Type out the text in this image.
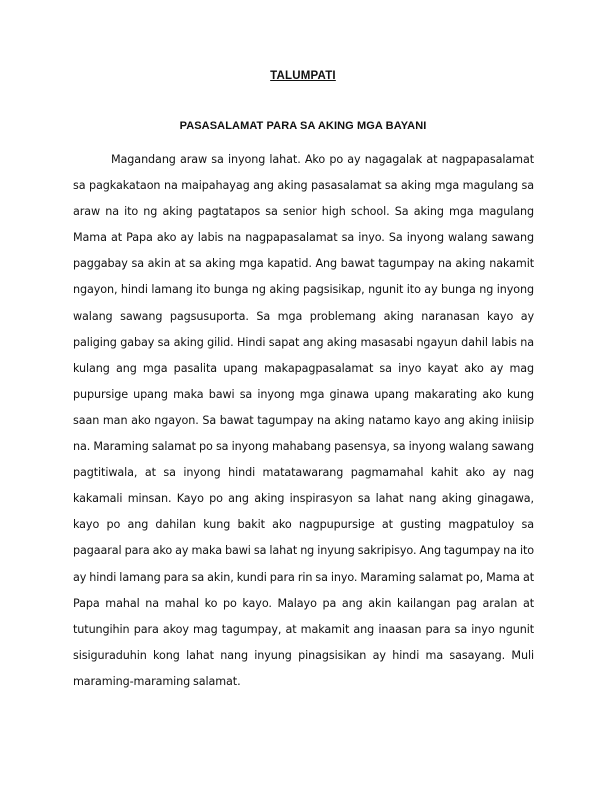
TALUMPATI
PASASALAMAT PARA SA AKING MGA BAYANI

Magandang araw sa inyong lahat. Ako po ay nagagalak at nagpapasalamat sa pagkakataon na maipahayag ang aking pasasalamat sa aking mga magulang sa araw na ito ng aking pagtatapos sa senior high school. Sa aking mga magulang Mama at Papa ako ay labis na nagpapasalamat sa inyo. Sa inyong walang sawang paggabay sa akin at sa aking mga kapatid. Ang bawat tagumpay na aking nakamit ngayon, hindi lamang ito bunga ng aking pagsisikap, ngunit ito ay bunga ng inyong walang sawang pagsusuporta. Sa mga problemang aking naranasan kayo ay paliging gabay sa aking gilid. Hindi sapat ang aking masasabi ngayun dahil labis na kulang ang mga pasalita upang makapagpasalamat sa inyo kayat ako ay mag pupursige upang maka bawi sa inyong mga ginawa upang makarating ako kung saan man ako ngayon. Sa bawat tagumpay na aking natamo kayo ang aking iniisip na. Maraming salamat po sa inyong mahabang pasensya, sa inyong walang sawang pagtitiwala, at sa inyong hindi matatawarang pagmamahal kahit ako ay nag kakamali minsan. Kayo po ang aking inspirasyon sa lahat nang aking ginagawa, kayo po ang dahilan kung bakit ako nagpupursige at gusting magpatuloy sa pagaaral para ako ay maka bawi sa lahat ng inyung sakripisyo. Ang tagumpay na ito ay hindi lamang para sa akin, kundi para rin sa inyo. Maraming salamat po, Mama at Papa mahal na mahal ko po kayo. Malayo pa ang akin kailangan pag aralan at tutungihin para akoy mag tagumpay, at makamit ang inaasan para sa inyo ngunit sisiguraduhin kong lahat nang inyung pinagsisikan ay hindi ma sasayang. Muli maraming-maraming salamat.
